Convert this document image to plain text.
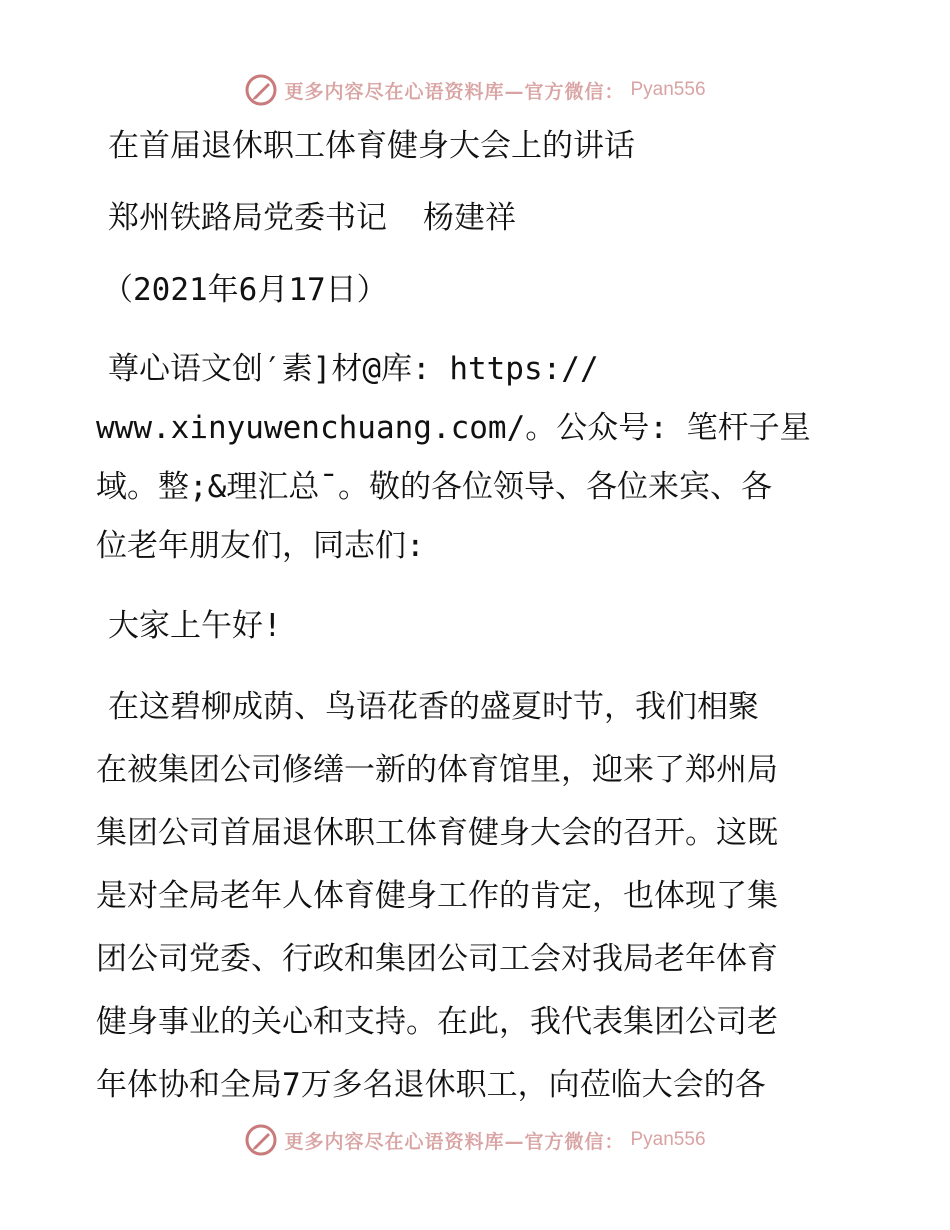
更多内容尽在心语资料库—官方微信： Pyan556

在首届退休职工体育健身大会上的讲话

郑州铁路局党委书记 杨建祥

（2021年6月17日）

尊心语文创′素]材@库: https://

www.xinyuwenchuang.com/。公众号: 笔杆子星

域。整;&理汇总¯。敬的各位领导、各位来宾、各

位老年朋友们，同志们:

大家上午好!

在这碧柳成荫、鸟语花香的盛夏时节，我们相聚

在被集团公司修缮一新的体育馆里，迎来了郑州局

集团公司首届退休职工体育健身大会的召开。这既

是对全局老年人体育健身工作的肯定，也体现了集

团公司党委、行政和集团公司工会对我局老年体育

健身事业的关心和支持。在此，我代表集团公司老

年体协和全局7万多名退休职工，向莅临大会的各

更多内容尽在心语资料库—官方微信： Pyan556
